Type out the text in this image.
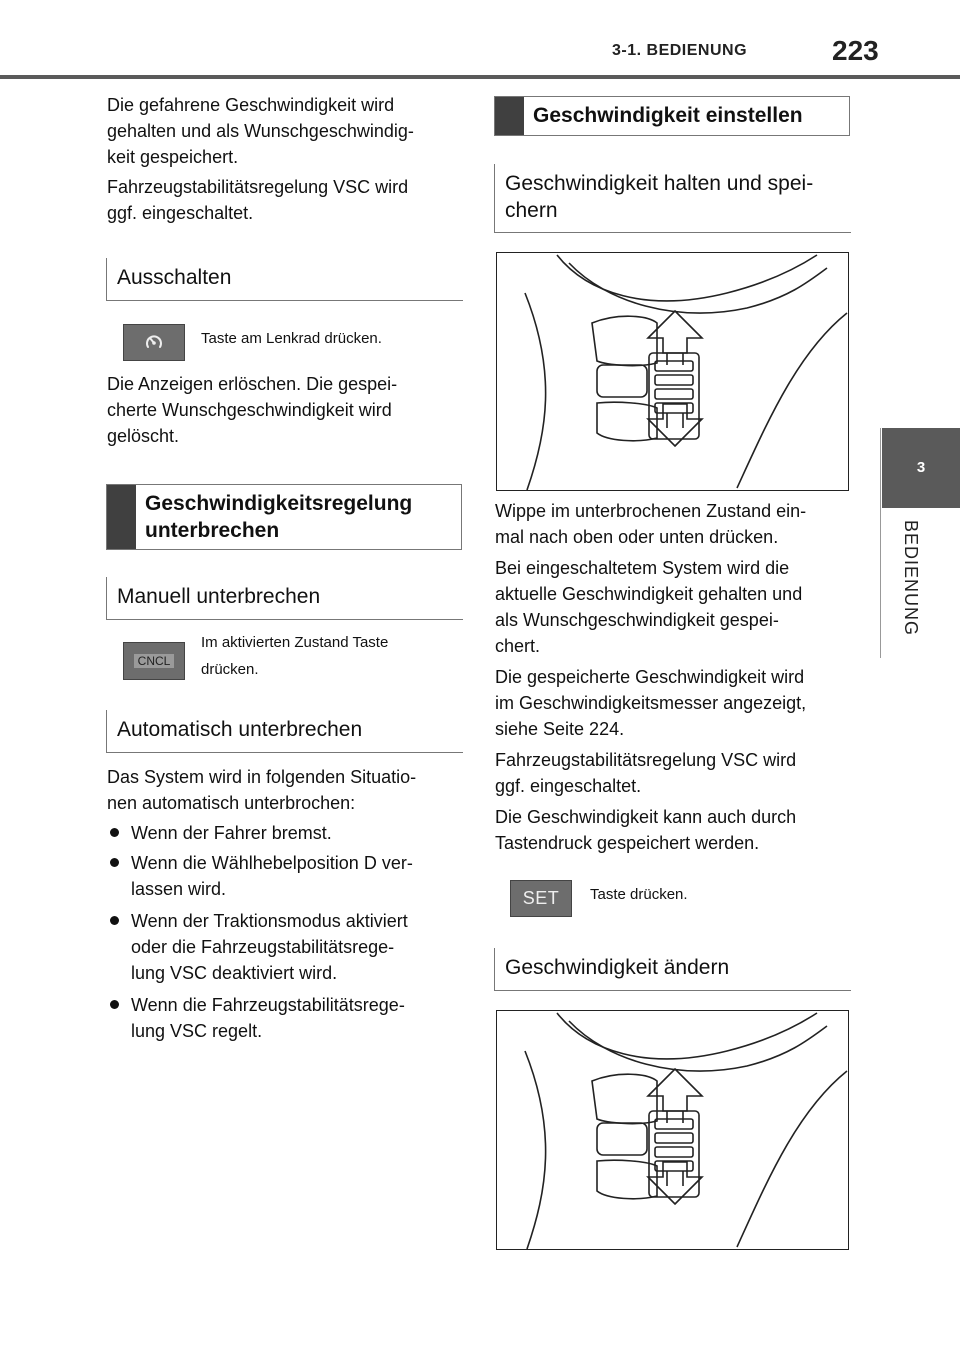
3-1. BEDIENUNG	223
3
BEDIENUNG
Die gefahrene Geschwindigkeit wird
gehalten und als Wunschgeschwindig-
keit gespeichert.
Fahrzeugstabilitätsregelung VSC wird
ggf. eingeschaltet.
Ausschalten
Taste am Lenkrad drücken.
Die Anzeigen erlöschen. Die gespei-
cherte Wunschgeschwindigkeit wird
gelöscht.
Geschwindigkeitsregelung
unterbrechen
Manuell unterbrechen
CNCL
Im aktivierten Zustand Taste
drücken.
Automatisch unterbrechen
Das System wird in folgenden Situatio-
nen automatisch unterbrochen:
Wenn der Fahrer bremst.
Wenn die Wählhebelposition D ver-
lassen wird.
Wenn der Traktionsmodus aktiviert
oder die Fahrzeugstabilitätsrege-
lung VSC deaktiviert wird.
Wenn die Fahrzeugstabilitätsrege-
lung VSC regelt.
Geschwindigkeit einstellen
Geschwindigkeit halten und spei-
chern
Wippe im unterbrochenen Zustand ein-
mal nach oben oder unten drücken.
Bei eingeschaltetem System wird die
aktuelle Geschwindigkeit gehalten und
als Wunschgeschwindigkeit gespei-
chert.
Die gespeicherte Geschwindigkeit wird
im Geschwindigkeitsmesser angezeigt,
siehe Seite 224.
Fahrzeugstabilitätsregelung VSC wird
ggf. eingeschaltet.
Die Geschwindigkeit kann auch durch
Tastendruck gespeichert werden.
SET Taste drücken.
Geschwindigkeit ändern
